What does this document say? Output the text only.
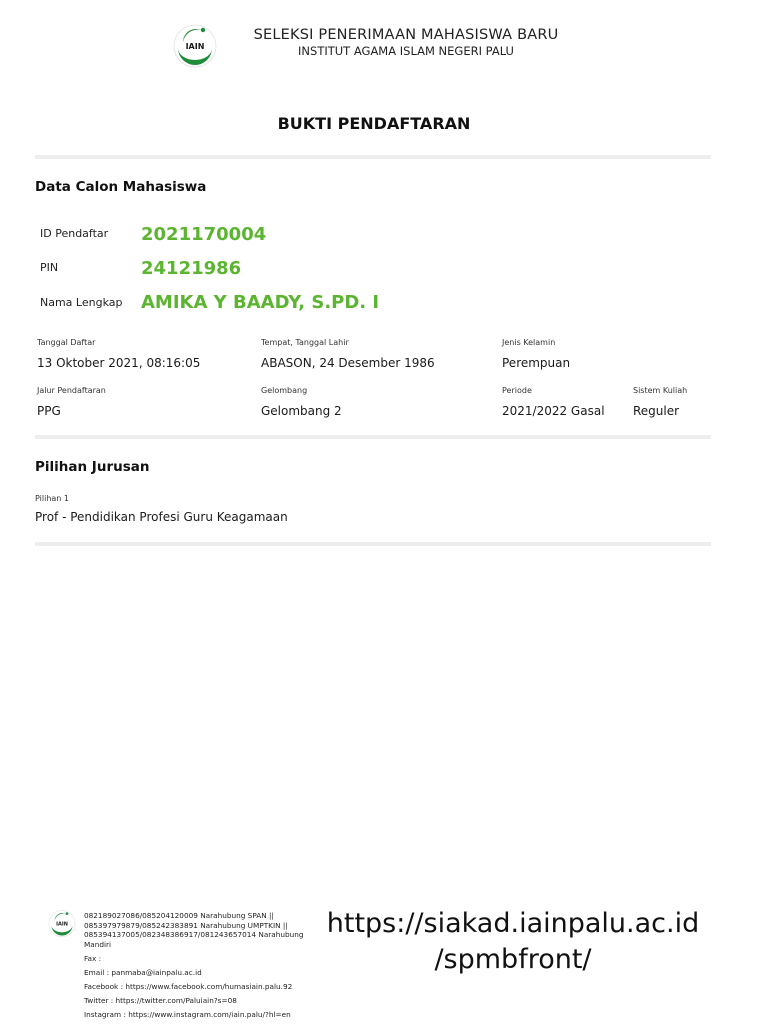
IAIN
SELEKSI PENERIMAAN MAHASISWA BARU
INSTITUT AGAMA ISLAM NEGERI PALU
BUKTI PENDAFTARAN
Data Calon Mahasiswa
ID Pendaftar 2021170004
PIN	24121986
Nama Lengkap AMIKA Y BAADY, S.PD. I
Tanggal Daftar
13 Oktober 2021, 08:16:05
Tempat, Tanggal Lahir
ABASON, 24 Desember 1986
Jenis Kelamin
Perempuan
Jalur Pendaftaran
PPG
Gelombang
Gelombang 2
Periode
2021/2022 Gasal
Sistem Kuliah
Reguler
Pilihan Jurusan
Pilihan 1
Prof - Pendidikan Profesi Guru Keagamaan
IAIN
082189027086/085204120009 Narahubung SPAN || 085397979879/085242383891 Narahubung UMPTKIN || 085394137005/082348386917/081243657014 Narahubung Mandiri
Fax :
Email : panmaba@iainpalu.ac.id
Facebook : https://www.facebook.com/humasiain.palu.92
Twitter : https://twitter.com/Paluiain?s=08
Instagram : https://www.instagram.com/iain.palu/?hl=en
https://siakad.iainpalu.ac.id
/spmbfront/
